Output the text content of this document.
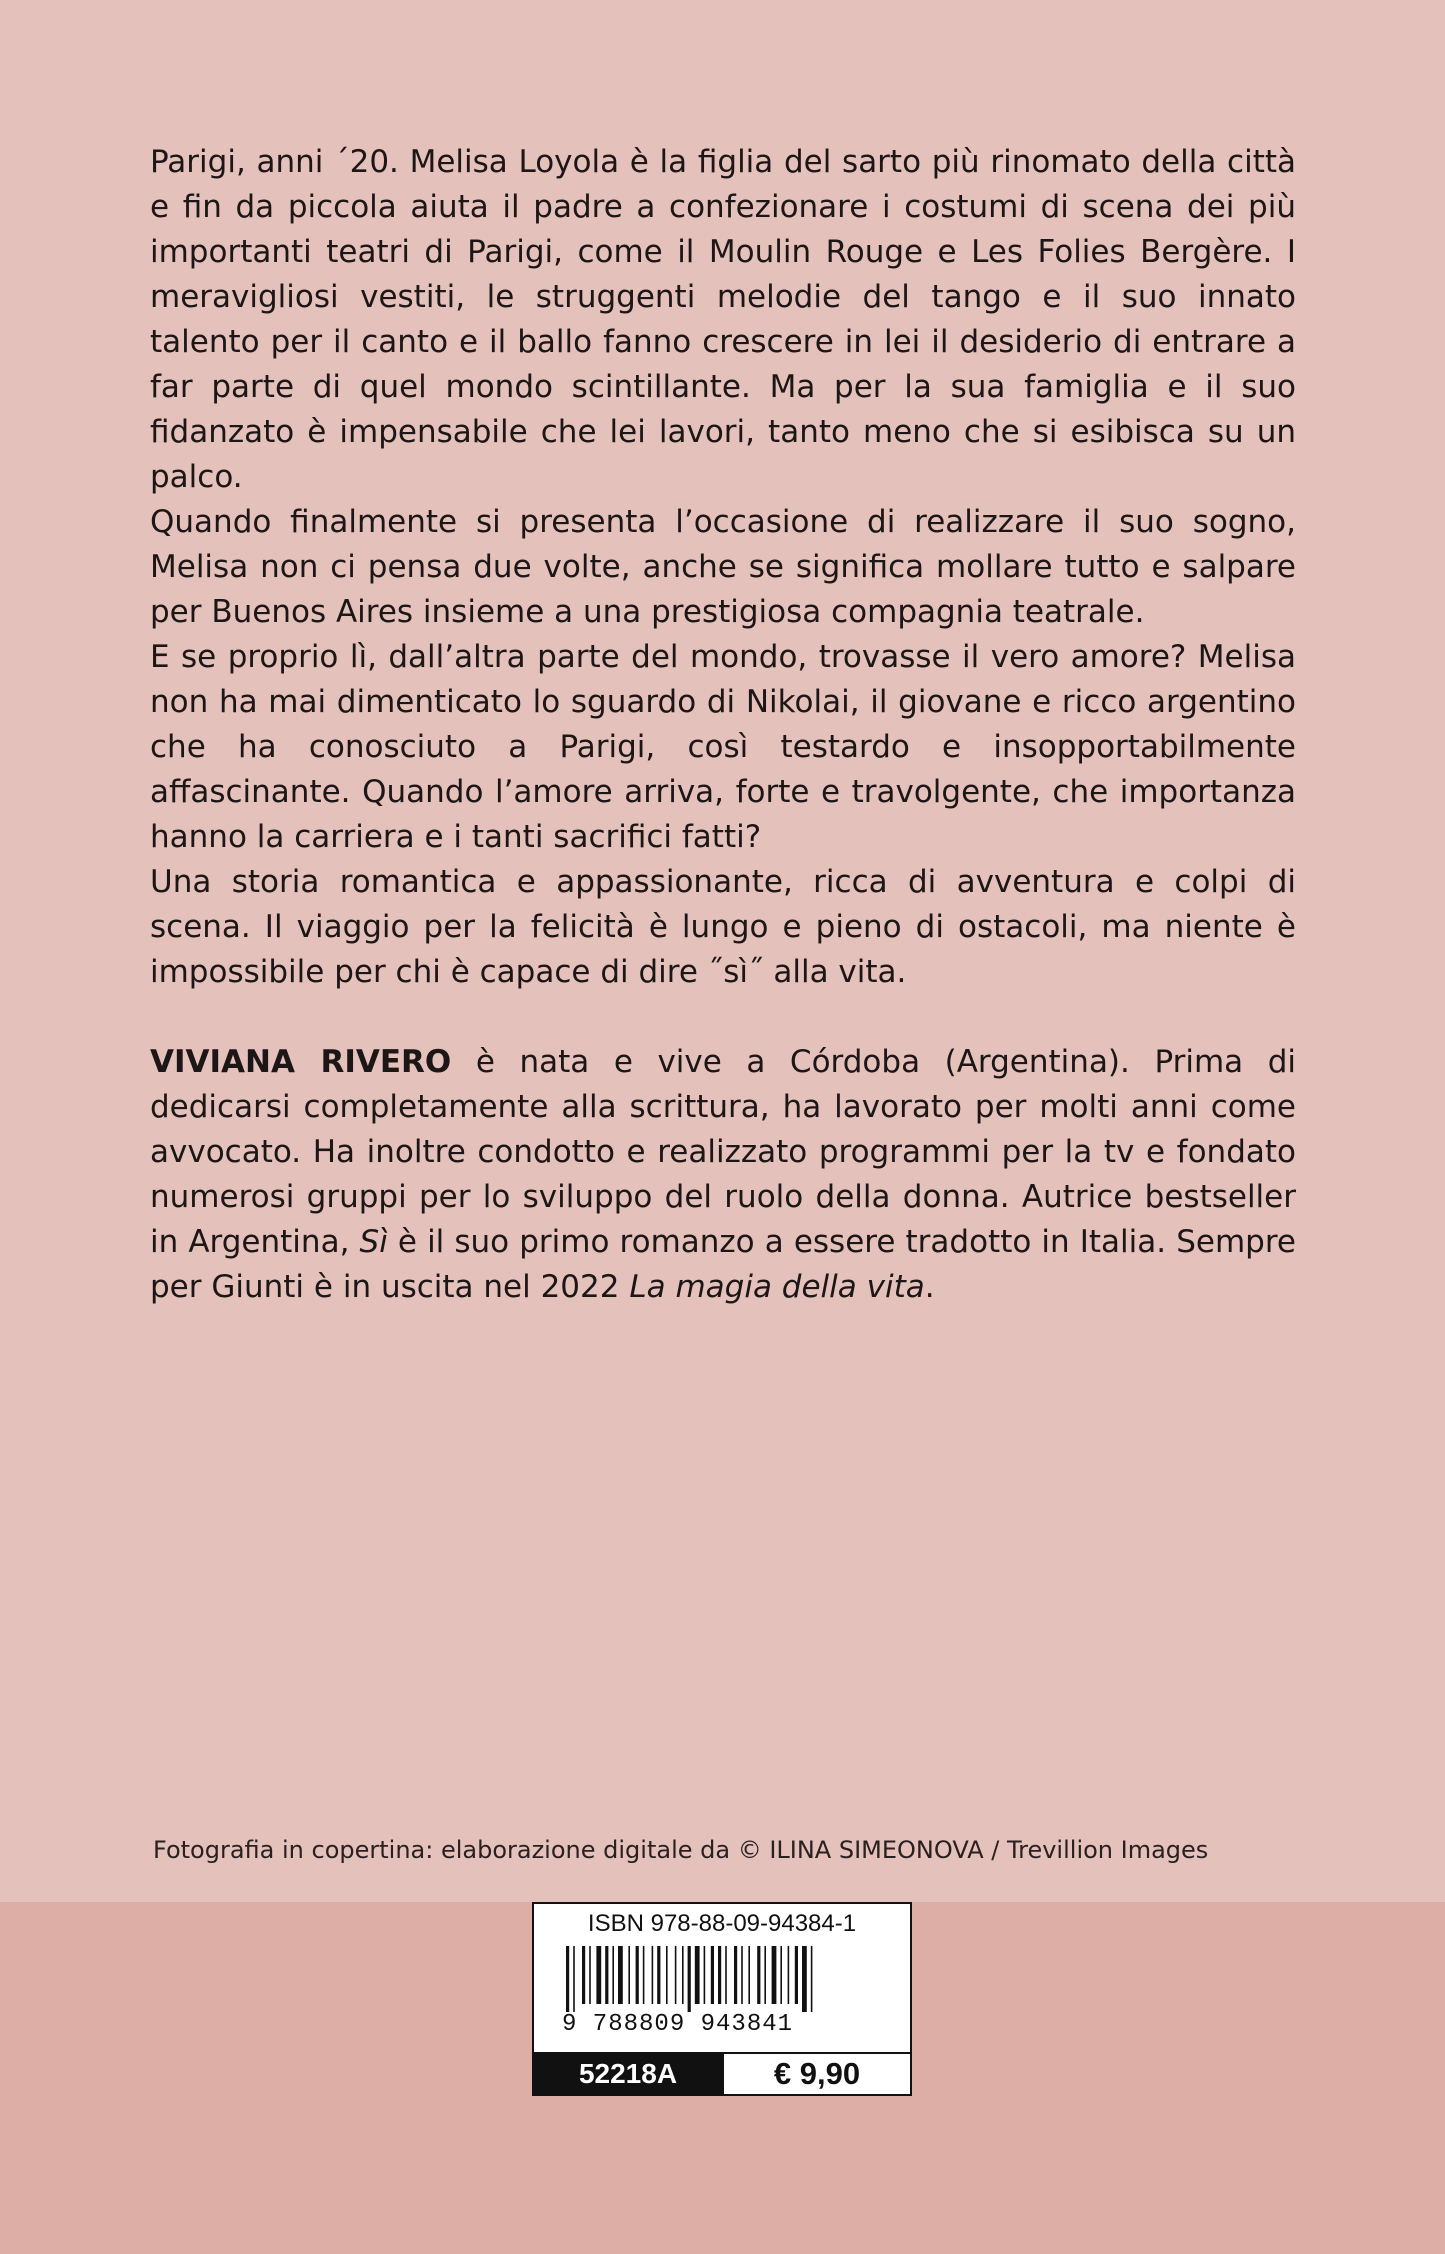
Parigi, anni ´20. Melisa Loyola è la figlia del sarto più rinomato della città e fin da piccola aiuta il padre a confezionare i costumi di scena dei più importanti teatri di Parigi, come il Moulin Rouge e Les Folies Bergère. I meravigliosi vestiti, le struggenti melodie del tango e il suo innato talento per il canto e il ballo fanno crescere in lei il desiderio di entrare a far parte di quel mondo scintillante. Ma per la sua famiglia e il suo fidanzato è impensabile che lei lavori, tanto meno che si esibisca su un palco.

Quando finalmente si presenta l’occasione di realizzare il suo sogno, Melisa non ci pensa due volte, anche se significa mollare tutto e salpare per Buenos Aires insieme a una prestigiosa compagnia teatrale.

E se proprio lì, dall’altra parte del mondo, trovasse il vero amore? Melisa non ha mai dimenticato lo sguardo di Nikolai, il giovane e ricco argentino che ha conosciuto a Parigi, così testardo e insopportabilmente affascinante. Quando l’amore arriva, forte e travolgente, che importanza hanno la carriera e i tanti sacrifici fatti?

Una storia romantica e appassionante, ricca di avventura e colpi di scena. Il viaggio per la felicità è lungo e pieno di ostacoli, ma niente è impossibile per chi è capace di dire ˝sì˝ alla vita.

VIVIANA RIVERO è nata e vive a Córdoba (Argentina). Prima di dedicarsi completamente alla scrittura, ha lavorato per molti anni come avvocato. Ha inoltre condotto e realizzato programmi per la tv e fondato numerosi gruppi per lo sviluppo del ruolo della donna. Autrice bestseller in Argentina, Sì è il suo primo romanzo a essere tradotto in Italia. Sempre per Giunti è in uscita nel 2022 La magia della vita.

Fotografia in copertina: elaborazione digitale da © ILINA SIMEONOVA / Trevillion Images
ISBN 978-88-09-94384-1
9 788809 943841
52218A	€ 9,90
